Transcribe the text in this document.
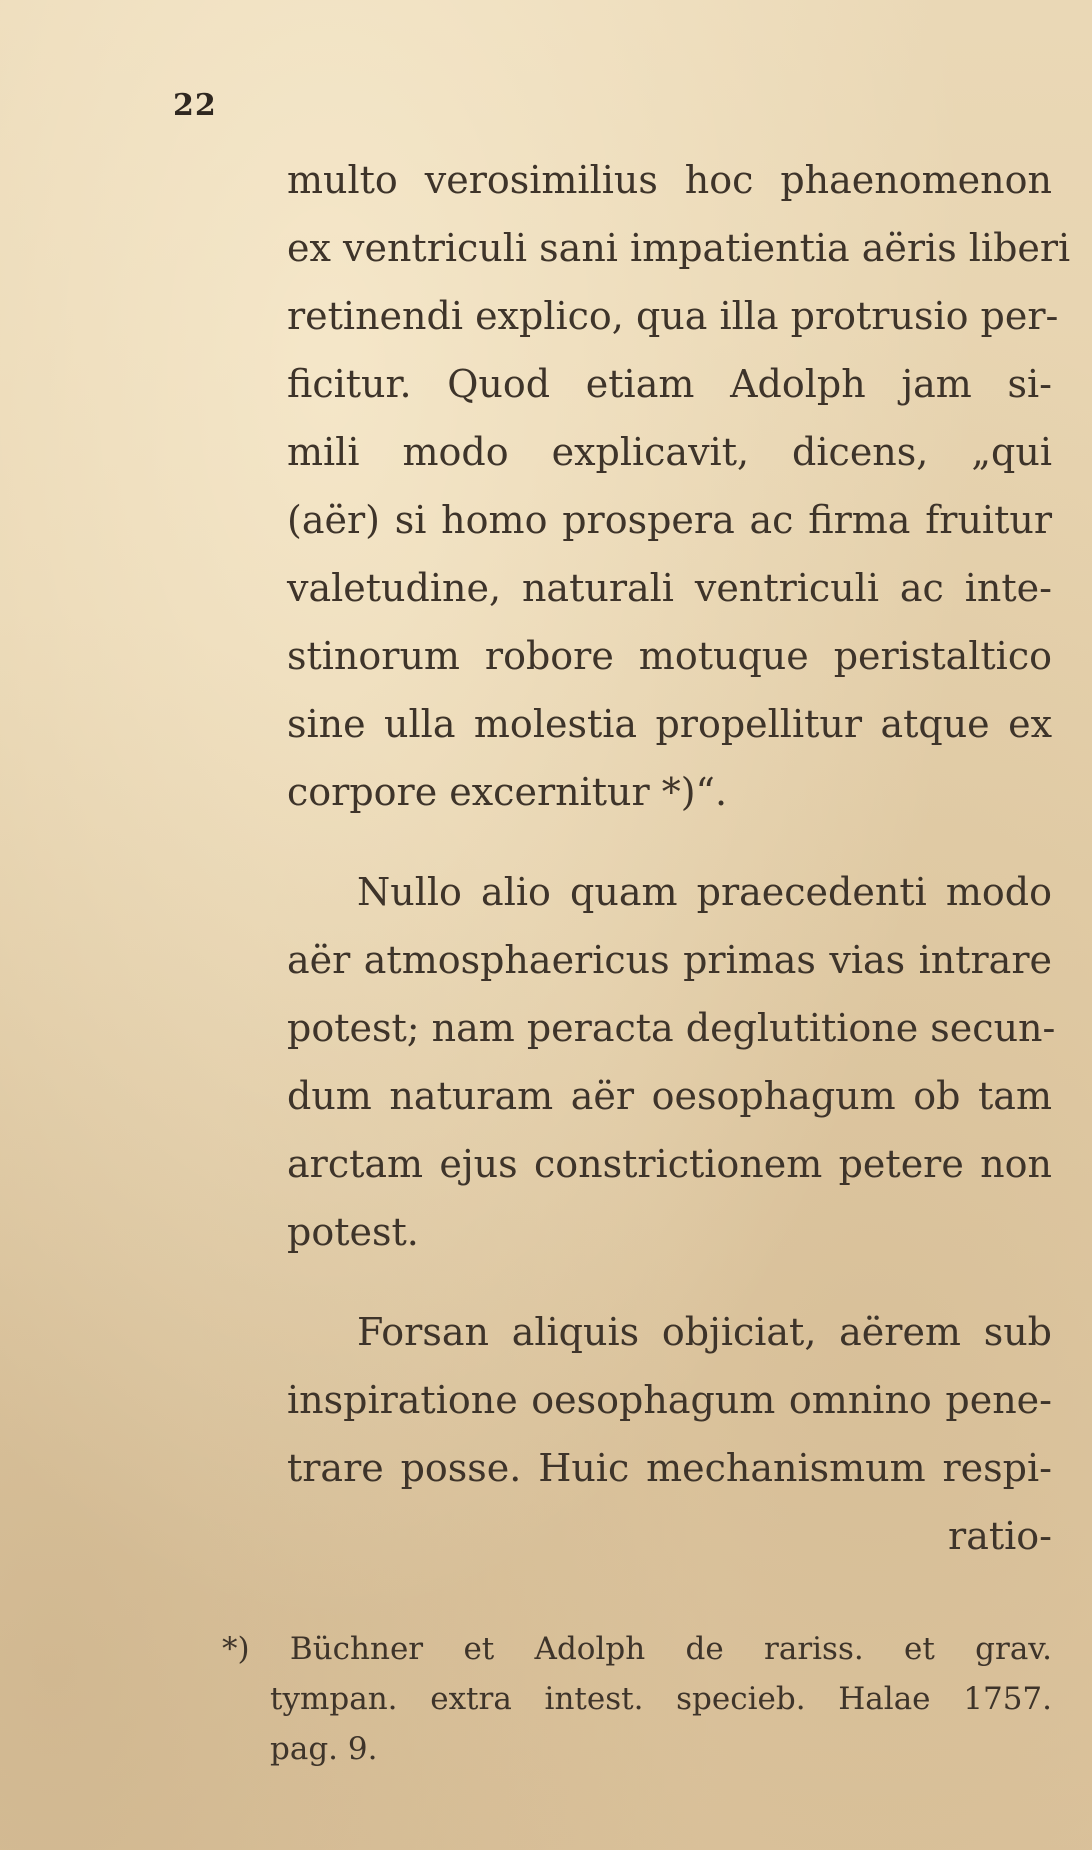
22
multo verosimilius hoc phaenomenon
ex ventriculi sani impatientia aëris liberi
retinendi explico, qua illa protrusio per-
ficitur. Quod etiam Adolph jam si-
mili modo explicavit, dicens, „qui
(aër) si homo prospera ac firma fruitur
valetudine, naturali ventriculi ac inte-
stinorum robore motuque peristaltico
sine ulla molestia propellitur atque ex
corpore excernitur *)“.
Nullo alio quam praecedenti modo
aër atmosphaericus primas vias intrare
potest; nam peracta deglutitione secun-
dum naturam aër oesophagum ob tam
arctam ejus constrictionem petere non
potest.
Forsan aliquis objiciat, aërem sub
inspiratione oesophagum omnino pene-
trare posse. Huic mechanismum respi-
ratio-
*) Büchner et Adolph de rariss. et grav.
tympan. extra intest. specieb. Halae 1757.
pag. 9.
